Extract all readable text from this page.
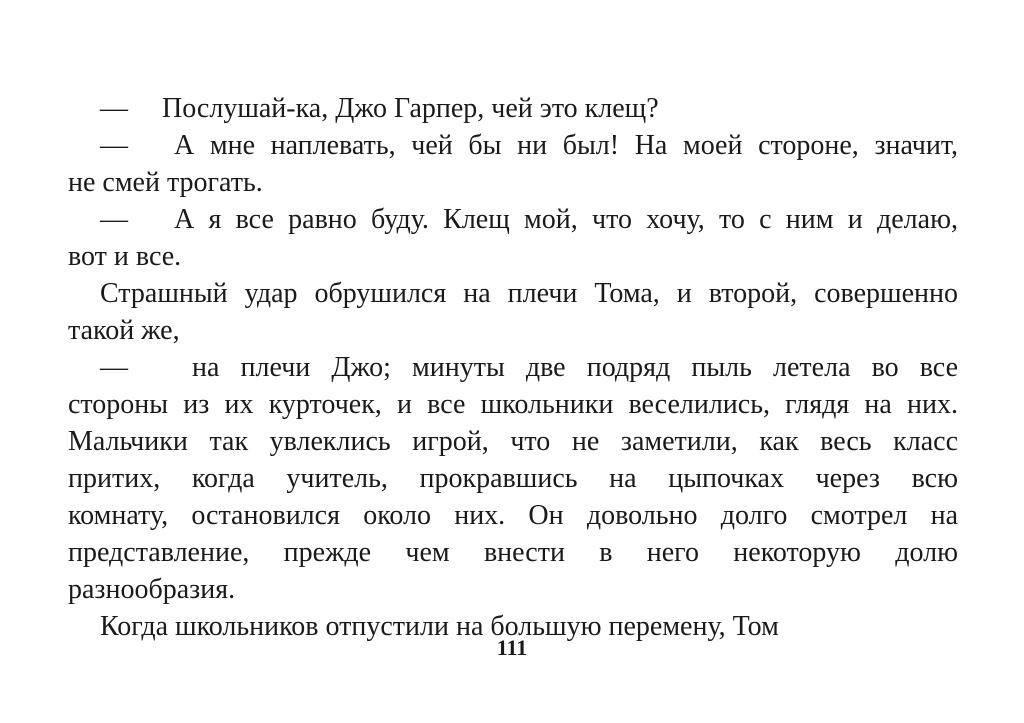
—	Послушай-ка, Джо Гарпер, чей это клещ?
—	А мне наплевать, чей бы ни был! На моей стороне, значит,
не смей трогать.
—	А я все равно буду. Клещ мой, что хочу, то с ним и делаю,
вот и все.
Страшный удар обрушился на плечи Тома, и второй, совершенно
такой же,
—	на плечи Джо; минуты две подряд пыль летела во все
стороны из их курточек, и все школьники веселились, глядя на них.
Мальчики так увлеклись игрой, что не заметили, как весь класс
притих, когда учитель, прокравшись на цыпочках через всю
комнату, остановился около них. Он довольно долго смотрел на
представление, прежде чем внести в него некоторую долю
разнообразия.
Когда школьников отпустили на большую перемену, Том
111
